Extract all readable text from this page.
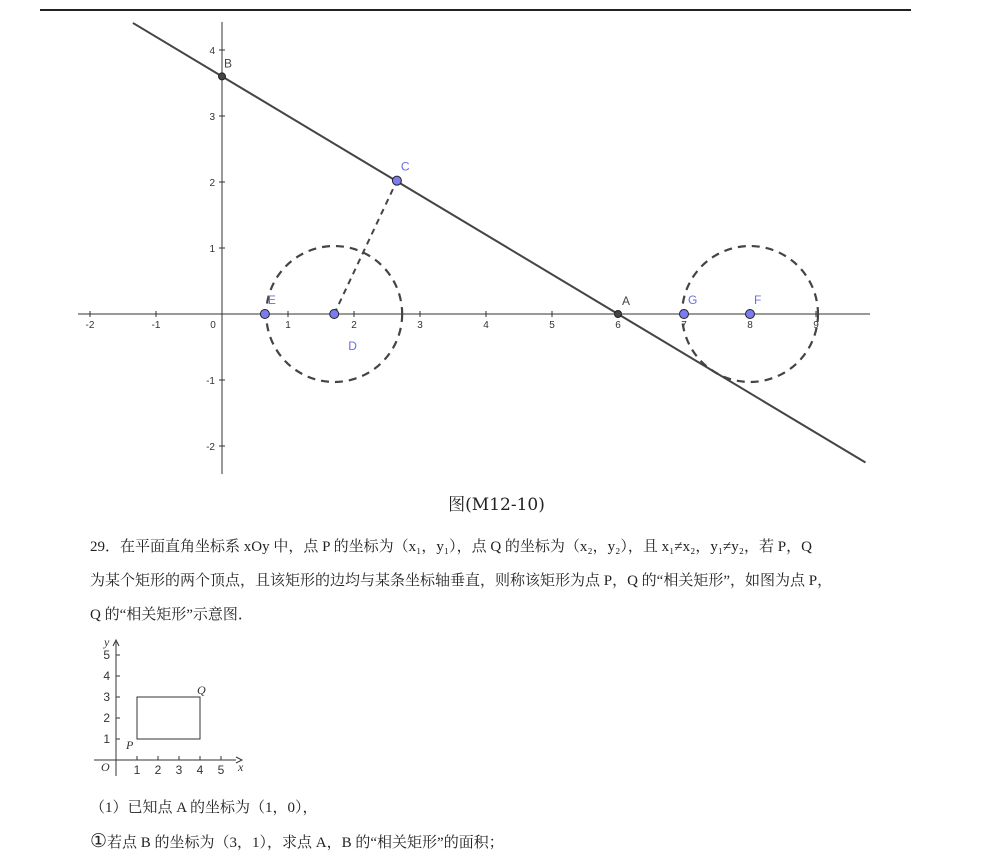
-2	-1	0	1	2	3	4	5	6	7	8	9
4
3
2
1
-1
-2
A
B
C
D
E	G	F
图(M12-10)
29．在平面直角坐标系 xOy 中，点 P 的坐标为（x₁，y₁），点 Q 的坐标为（x₂，y₂），且 x₁≠x₂，y₁≠y₂，若 P，Q
为某个矩形的两个顶点，且该矩形的边均与某条坐标轴垂直，则称该矩形为点 P，Q 的“相关矩形”，如图为点 P，
Q 的“相关矩形”示意图．
x
y
O 1 2 3 4 5
1
2
3
4
5
P
Q
（1）已知点 A 的坐标为（1，0），
①若点 B 的坐标为（3，1），求点 A，B 的“相关矩形”的面积；
